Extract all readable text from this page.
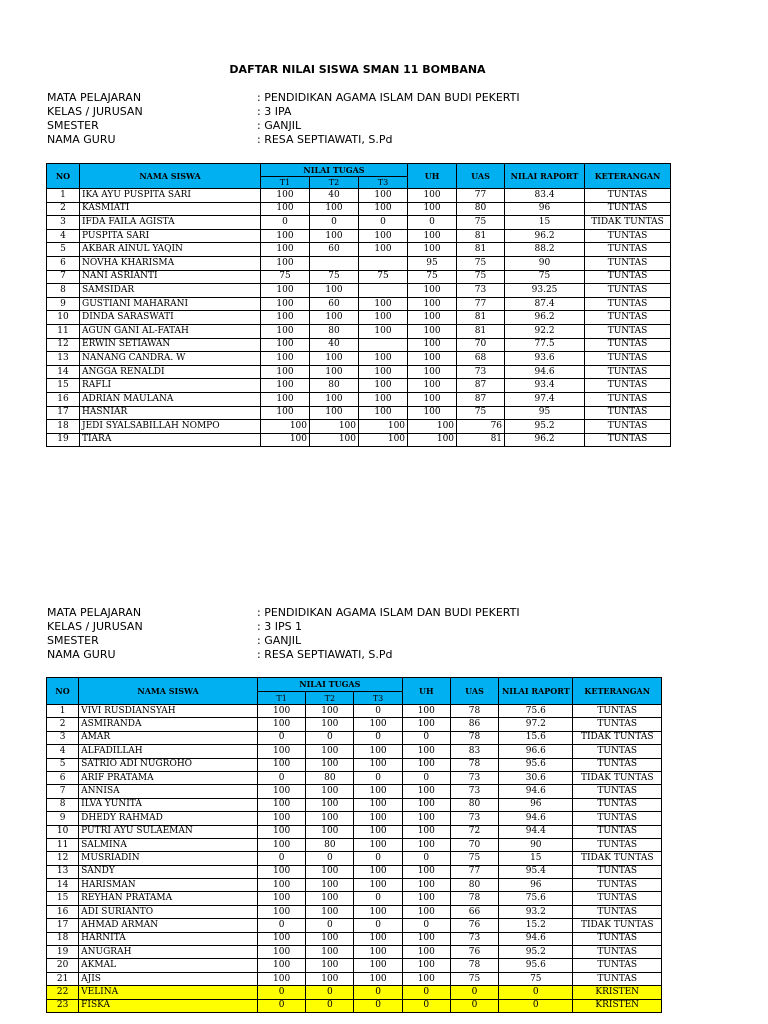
DAFTAR NILAI SISWA SMAN 11 BOMBANA
MATA PELAJARAN	: PENDIDIKAN AGAMA ISLAM DAN BUDI PEKERTI
KELAS / JURUSAN	: 3 IPA
SMESTER	: GANJIL
NAMA GURU	: RESA SEPTIAWATI, S.Pd
NO	NAMA SISWA	NILAI TUGAS			UH	UAS	NILAI RAPORT	KETERANGAN
		T1	T2	T3				
1	IKA AYU PUSPITA SARI	100	40	100	100	77	83.4	TUNTAS
2	KASMIATI	100	100	100	100	80	96	TUNTAS
3	IFDA FAILA AGISTA	0	0	0	0	75	15	TIDAK TUNTAS
4	PUSPITA SARI	100	100	100	100	81	96.2	TUNTAS
5	AKBAR AINUL YAQIN	100	60	100	100	81	88.2	TUNTAS
6	NOVHA KHARISMA	100			95	75	90	TUNTAS
7	NANI ASRIANTI	75	75	75	75	75	75	TUNTAS
8	SAMSIDAR	100	100		100	73	93.25	TUNTAS
9	GUSTIANI MAHARANI	100	60	100	100	77	87.4	TUNTAS
10	DINDA SARASWATI	100	100	100	100	81	96.2	TUNTAS
11	AGUN GANI AL-FATAH	100	80	100	100	81	92.2	TUNTAS
12	ERWIN SETIAWAN	100	40		100	70	77.5	TUNTAS
13	NANANG CANDRA. W	100	100	100	100	68	93.6	TUNTAS
14	ANGGA RENALDI	100	100	100	100	73	94.6	TUNTAS
15	RAFLI	100	80	100	100	87	93.4	TUNTAS
16	ADRIAN MAULANA	100	100	100	100	87	97.4	TUNTAS
17	HASNIAR	100	100	100	100	75	95	TUNTAS
18	JEDI SYALSABILLAH NOMPO	100	100	100	100	76	95.2	TUNTAS
19	TIARA	100	100	100	100	81	96.2	TUNTAS
MATA PELAJARAN	: PENDIDIKAN AGAMA ISLAM DAN BUDI PEKERTI
KELAS / JURUSAN	: 3 IPS 1
SMESTER	: GANJIL
NAMA GURU	: RESA SEPTIAWATI, S.Pd
NO	NAMA SISWA	NILAI TUGAS			UH	UAS	NILAI RAPORT	KETERANGAN
		T1	T2	T3				
1	VIVI RUSDIANSYAH	100	100	0	100	78	75.6	TUNTAS
2	ASMIRANDA	100	100	100	100	86	97.2	TUNTAS
3	AMAR	0	0	0	0	78	15.6	TIDAK TUNTAS
4	ALFADILLAH	100	100	100	100	83	96.6	TUNTAS
5	SATRIO ADI NUGROHO	100	100	100	100	78	95.6	TUNTAS
6	ARIF PRATAMA	0	80	0	0	73	30.6	TIDAK TUNTAS
7	ANNISA	100	100	100	100	73	94.6	TUNTAS
8	ILVA YUNITA	100	100	100	100	80	96	TUNTAS
9	DHEDY RAHMAD	100	100	100	100	73	94.6	TUNTAS
10	PUTRI AYU SULAEMAN	100	100	100	100	72	94.4	TUNTAS
11	SALMINA	100	80	100	100	70	90	TUNTAS
12	MUSRIADIN	0	0	0	0	75	15	TIDAK TUNTAS
13	SANDY	100	100	100	100	77	95.4	TUNTAS
14	HARISMAN	100	100	100	100	80	96	TUNTAS
15	REYHAN PRATAMA	100	100	0	100	78	75.6	TUNTAS
16	ADI SURIANTO	100	100	100	100	66	93.2	TUNTAS
17	AHMAD ARMAN	0	0	0	0	76	15.2	TIDAK TUNTAS
18	HARNITA	100	100	100	100	73	94.6	TUNTAS
19	ANUGRAH	100	100	100	100	76	95.2	TUNTAS
20	AKMAL	100	100	100	100	78	95.6	TUNTAS
21	AJIS	100	100	100	100	75	75	TUNTAS
22	VELINA	0	0	0	0	0	0	KRISTEN
23	FISKA	0	0	0	0	0	0	KRISTEN
